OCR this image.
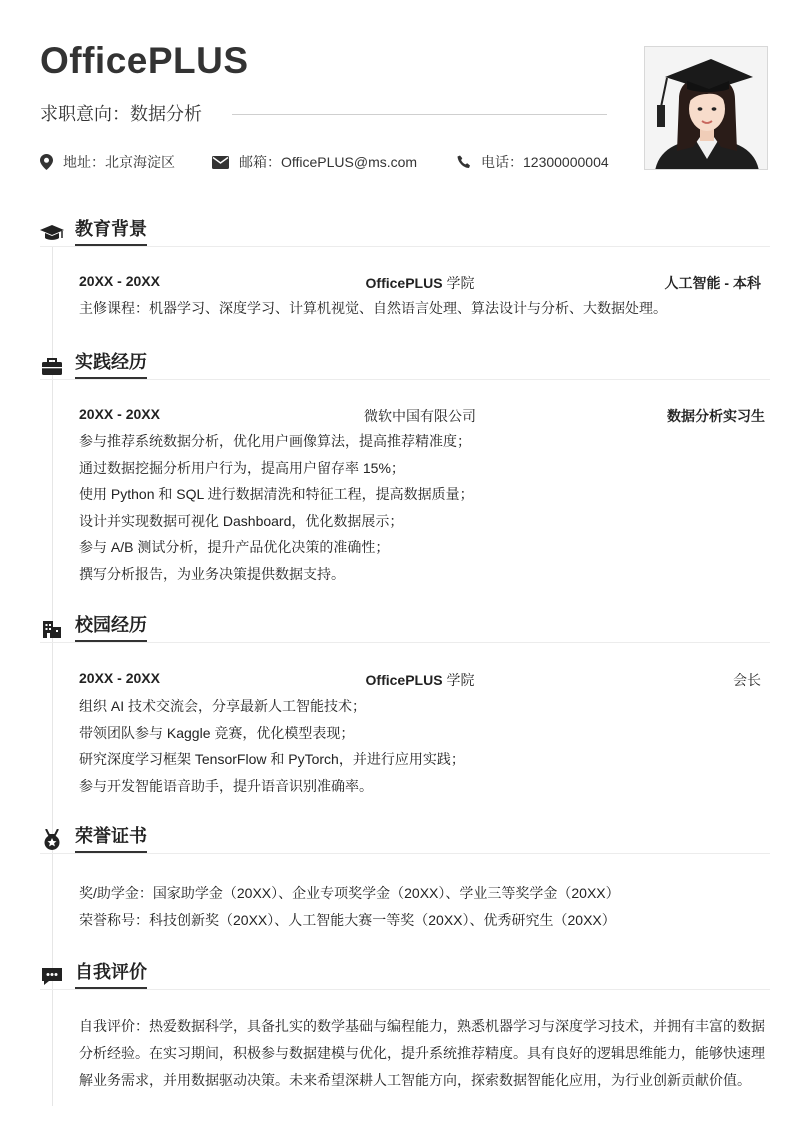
OfficePLUS
求职意向：数据分析
地址：北京海淀区	邮箱：OfficePLUS@ms.com	电话：12300000004
教育背景
20XX - 20XX	OfficePLUS 学院	人工智能 - 本科
主修课程：机器学习、深度学习、计算机视觉、自然语言处理、算法设计与分析、大数据处理。
实践经历
20XX - 20XX	微软中国有限公司	数据分析实习生
参与推荐系统数据分析，优化用户画像算法，提高推荐精准度；
通过数据挖掘分析用户行为，提高用户留存率 15%；
使用 Python 和 SQL 进行数据清洗和特征工程，提高数据质量；
设计并实现数据可视化 Dashboard，优化数据展示；
参与 A/B 测试分析，提升产品优化决策的准确性；
撰写分析报告，为业务决策提供数据支持。
校园经历
20XX - 20XX	OfficePLUS 学院	会长
组织 AI 技术交流会，分享最新人工智能技术；
带领团队参与 Kaggle 竞赛，优化模型表现；
研究深度学习框架 TensorFlow 和 PyTorch，并进行应用实践；
参与开发智能语音助手，提升语音识别准确率。
荣誉证书
奖/助学金：国家助学金（20XX）、企业专项奖学金（20XX）、学业三等奖学金（20XX）
荣誉称号：科技创新奖（20XX）、人工智能大赛一等奖（20XX）、优秀研究生（20XX）
自我评价
自我评价：热爱数据科学，具备扎实的数学基础与编程能力，熟悉机器学习与深度学习技术，并拥有丰富的数据分析经验。在实习期间，积极参与数据建模与优化，提升系统推荐精度。具有良好的逻辑思维能力，能够快速理解业务需求，并用数据驱动决策。未来希望深耕人工智能方向，探索数据智能化应用，为行业创新贡献价值。
